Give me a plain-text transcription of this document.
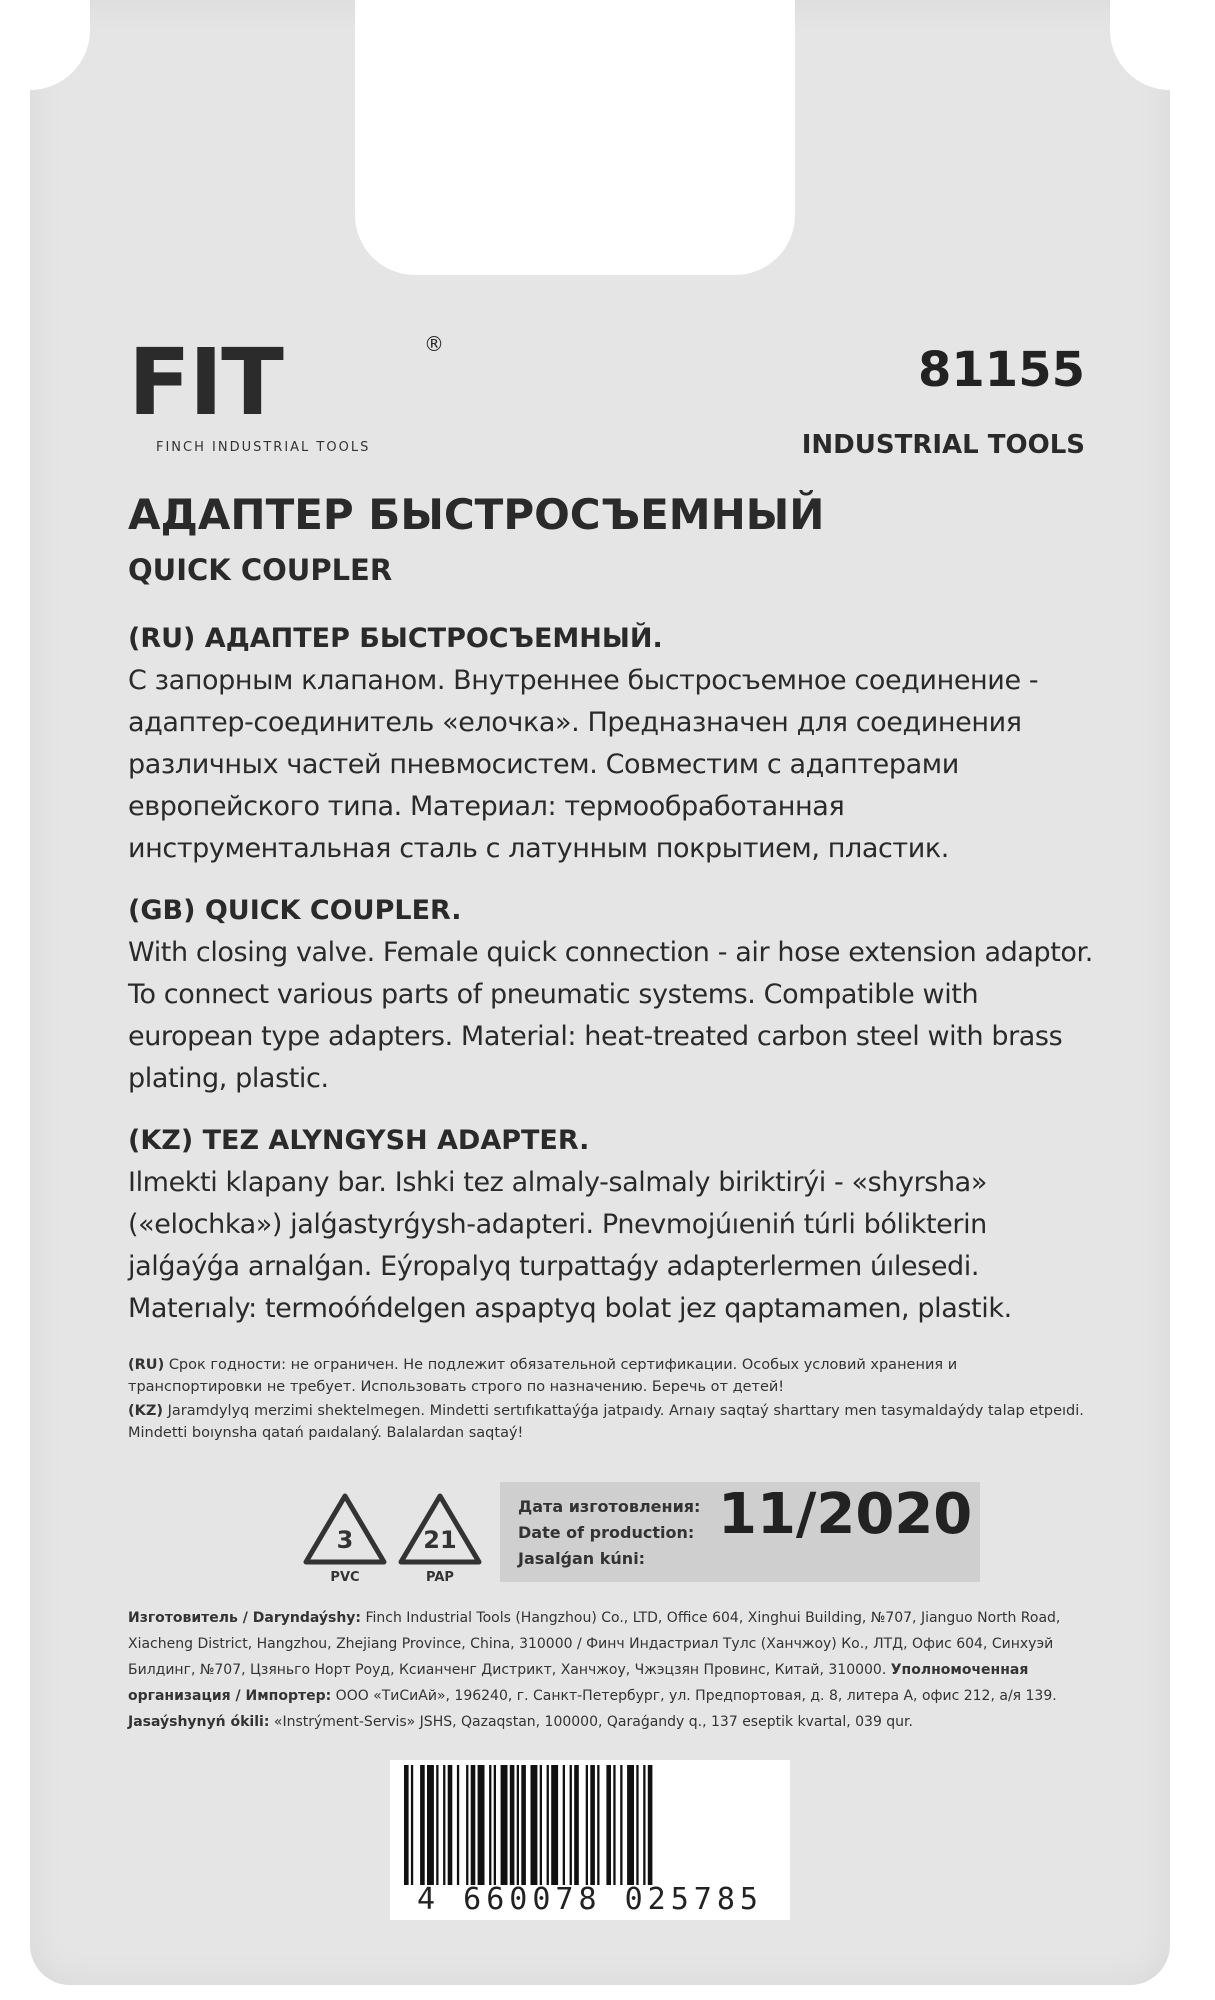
FIT	®
FINCH INDUSTRIAL TOOLS
81155
INDUSTRIAL TOOLS
АДАПТЕР БЫСТРОСЪЕМНЫЙ
QUICK COUPLER
(RU) АДАПТЕР БЫСТРОСЪЕМНЫЙ.
С запорным клапаном. Внутреннее быстросъемное соединение - адаптер-соединитель «елочка». Предназначен для соединения различных частей пневмосистем. Совместим с адаптерами европейского типа. Материал: термообработанная инструментальная сталь с латунным покрытием, пластик.
(GB) QUICK COUPLER.
With closing valve. Female quick connection - air hose extension adaptor. To connect various parts of pneumatic systems. Compatible with european type adapters. Material: heat-treated carbon steel with brass plating, plastic.
(KZ) TEZ ALYNGYSH ADAPTER.
Ilmekti klapany bar. Ishki tez almaly-salmaly biriktirýi - «shyrsha» («elochka») jalǵastyrǵysh-adapteri. Pnevmojúıeniń túrli bólikterin jalǵaýǵa arnalǵan. Eýropalyq turpattaǵy adapterlermen úılesedi. Materıaly: termoóńdelgen aspaptyq bolat jez qaptamamen, plastik.
(RU) Срок годности: не ограничен. Не подлежит обязательной сертификации. Особых условий хранения и транспортировки не требует. Использовать строго по назначению. Беречь от детей!
(KZ) Jaramdylyq merzimi shektelmegen. Mindetti sertıfıkattaýǵa jatpaıdy. Arnaıy saqtaý sharttary men tasymaldaýdy talap etpeıdi. Mindetti boıynsha qatań paıdalaný. Balalardan saqtaý!
3
PVC
21
PAP
Дата изготовления:
Date of production:
Jasalǵan kúni:
11/2020
Изготовитель / Daryndaýshy: Finch Industrial Tools (Hangzhou) Co., LTD, Office 604, Xinghui Building, №707, Jianguo North Road, Xiacheng District, Hangzhou, Zhejiang Province, China, 310000 / Финч Индастриал Тулс (Ханчжоу) Ко., ЛТД, Офис 604, Синхуэй Билдинг, №707, Цзяньго Норт Роуд, Ксианченг Дистрикт, Ханчжоу, Чжэцзян Провинс, Китай, 310000. Уполномоченная организация / Импортер: ООО «ТиСиАй», 196240, г. Санкт-Петербург, ул. Предпортовая, д. 8, литера А, офис 212, а/я 139. Jasaýshynyń ókili: «Instrýment-Servis» JSHS, Qazaqstan, 100000, Qaraǵandy q., 137 eseptik kvartal, 039 qur.
4 660078 025785
